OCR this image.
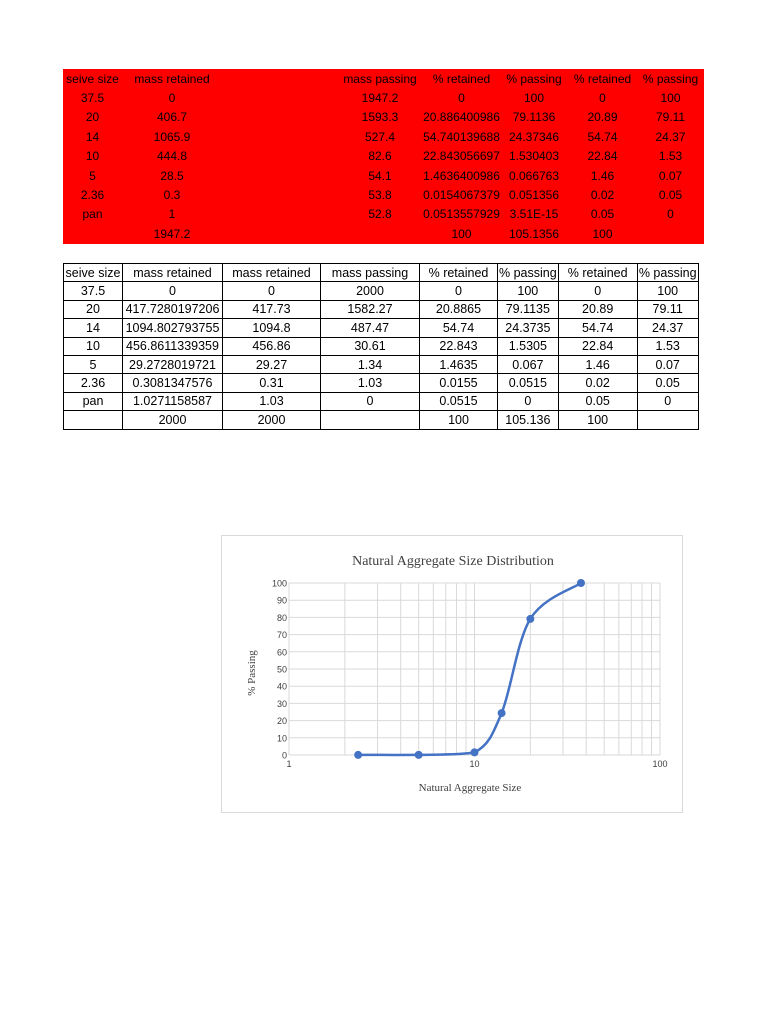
seive size	mass retained		mass passing	% retained	% passing	% retained	% passing
37.5	0		1947.2	0	100	0	100
20	406.7		1593.3	20.886400986	79.1136	20.89	79.11
14	1065.9		527.4	54.740139688	24.37346	54.74	24.37
10	444.8		82.6	22.843056697	1.530403	22.84	1.53
5	28.5		54.1	1.4636400986	0.066763	1.46	0.07
2.36	0.3		53.8	0.0154067379	0.051356	0.02	0.05
pan	1		52.8	0.0513557929	3.51E-15	0.05	0
	1947.2			100	105.1356	100	
seive size	mass retained	mass retained	mass passing	% retained	% passing	% retained	% passing
37.5	0	0	2000	0	100	0	100
20	417.7280197206	417.73	1582.27	20.8865	79.1135	20.89	79.11
14	1094.802793755	1094.8	487.47	54.74	24.3735	54.74	24.37
10	456.8611339359	456.86	30.61	22.843	1.5305	22.84	1.53
5	29.2728019721	29.27	1.34	1.4635	0.067	1.46	0.07
2.36	0.3081347576	0.31	1.03	0.0155	0.0515	0.02	0.05
pan	1.0271158587	1.03	0	0.0515	0	0.05	0
	2000	2000		100	105.136	100	
Natural Aggregate Size Distribution
Natural Aggregate Size
% Passing
0
10
20
30
40
50
60
70
80
90
100
1	10	100
